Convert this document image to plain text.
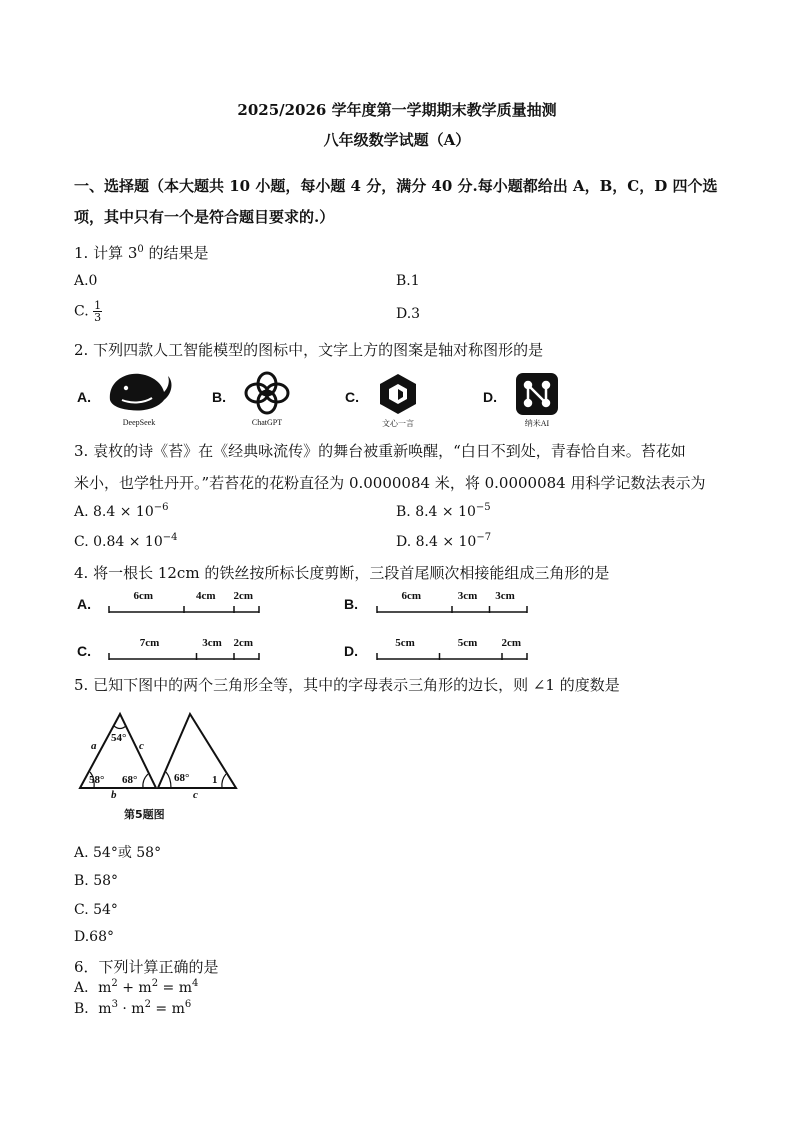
2025/2026 学年度第一学期期末教学质量抽测
八年级数学试题（A）
一、选择题（本大题共 10 小题，每小题 4 分，满分 40 分.每小题都给出 A，B，C，D 四个选
项，其中只有一个是符合题目要求的.）
1. 计算 $3^0$ 的结果是
A.0	B.1
C. $\frac{1}{3}$	D.3
2. 下列四款人工智能模型的图标中，文字上方的图案是轴对称图形的是
A.
DeepSeek
B.
ChatGPT
C.
文心一言
D.
纳米AI
3. 袁枚的诗《苔》在《经典咏流传》的舞台被重新唤醒，“白日不到处，青春恰自来。苔花如
米小，也学牡丹开。”若苔花的花粉直径为 0.0000084 米，将 0.0000084 用科学记数法表示为
A. $8.4 \times 10^{-6}$	B. $8.4 \times 10^{-5}$
C. $0.84 \times 10^{-4}$	D. $8.4 \times 10^{-7}$
4. 将一根长 12cm 的铁丝按所标长度剪断，三段首尾顺次相接能组成三角形的是
A.	6cm	4cm 2cm	B.	6cm	3cm 3cm
C.	7cm	3cm 2cm	D.	5cm	5cm 2cm
5. 已知下图中的两个三角形全等，其中的字母表示三角形的边长，则 ∠1 的度数是
54°
58° 68°
a	c
b
68° 1
c
第5题图
A. 54°或 58°
B. 58°
C. 54°
D.68°
6．下列计算正确的是
A．$m^2 + m^2 = m^4$
B．$m^3 \cdot m^2 = m^6$
